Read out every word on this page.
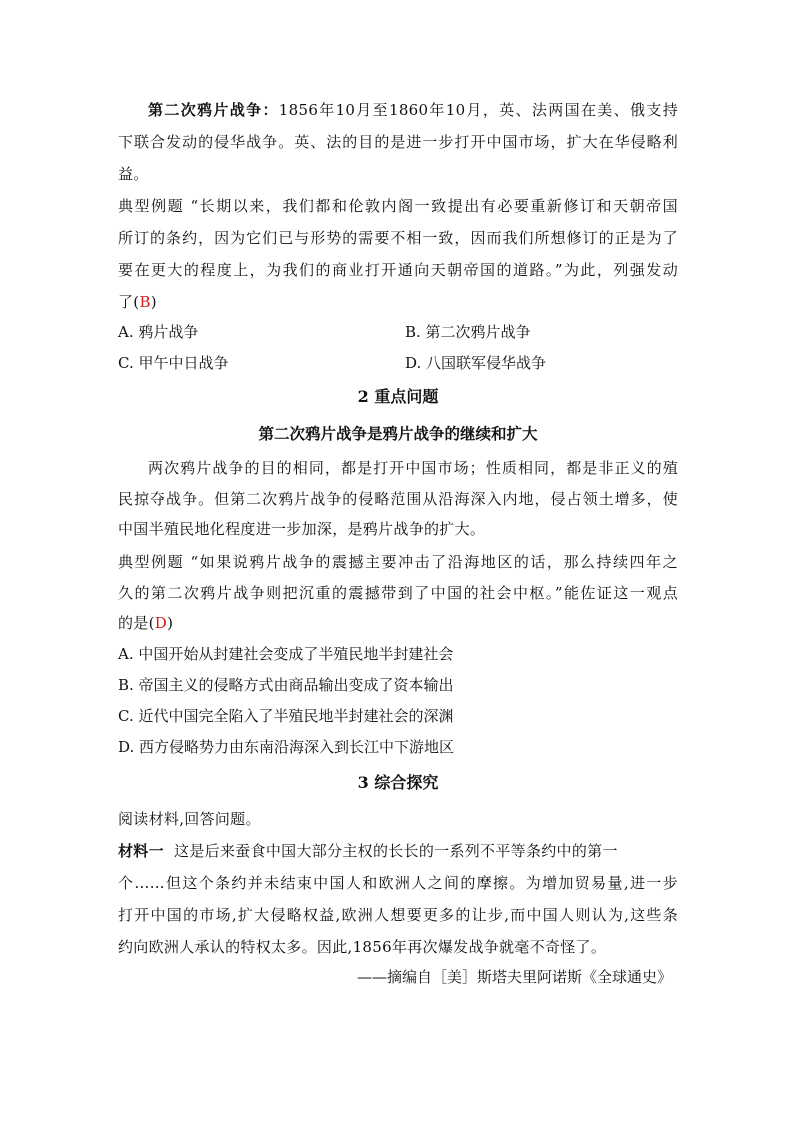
第二次鸦片战争：1856年10月至1860年10月，英、法两国在美、俄支持
下联合发动的侵华战争。英、法的目的是进一步打开中国市场，扩大在华侵略利
益。
典型例题 “长期以来，我们都和伦敦内阁一致提出有必要重新修订和天朝帝国
所订的条约，因为它们已与形势的需要不相一致，因而我们所想修订的正是为了
要在更大的程度上，为我们的商业打开通向天朝帝国的道路。”为此，列强发动
了(B)
A. 鸦片战争	B. 第二次鸦片战争
C. 甲午中日战争	D. 八国联军侵华战争
2 重点问题
第二次鸦片战争是鸦片战争的继续和扩大
两次鸦片战争的目的相同，都是打开中国市场；性质相同，都是非正义的殖
民掠夺战争。但第二次鸦片战争的侵略范围从沿海深入内地，侵占领土增多，使
中国半殖民地化程度进一步加深，是鸦片战争的扩大。
典型例题 “如果说鸦片战争的震撼主要冲击了沿海地区的话，那么持续四年之
久的第二次鸦片战争则把沉重的震撼带到了中国的社会中枢。”能佐证这一观点
的是(D)
A. 中国开始从封建社会变成了半殖民地半封建社会
B. 帝国主义的侵略方式由商品输出变成了资本输出
C. 近代中国完全陷入了半殖民地半封建社会的深渊
D. 西方侵略势力由东南沿海深入到长江中下游地区
3 综合探究
阅读材料,回答问题。
材料一 这是后来蚕食中国大部分主权的长长的一系列不平等条约中的第一
个……但这个条约并未结束中国人和欧洲人之间的摩擦。为增加贸易量,进一步
打开中国的市场,扩大侵略权益,欧洲人想要更多的让步,而中国人则认为,这些条
约向欧洲人承认的特权太多。因此,1856年再次爆发战争就毫不奇怪了。
——摘编自［美］斯塔夫里阿诺斯《全球通史》
